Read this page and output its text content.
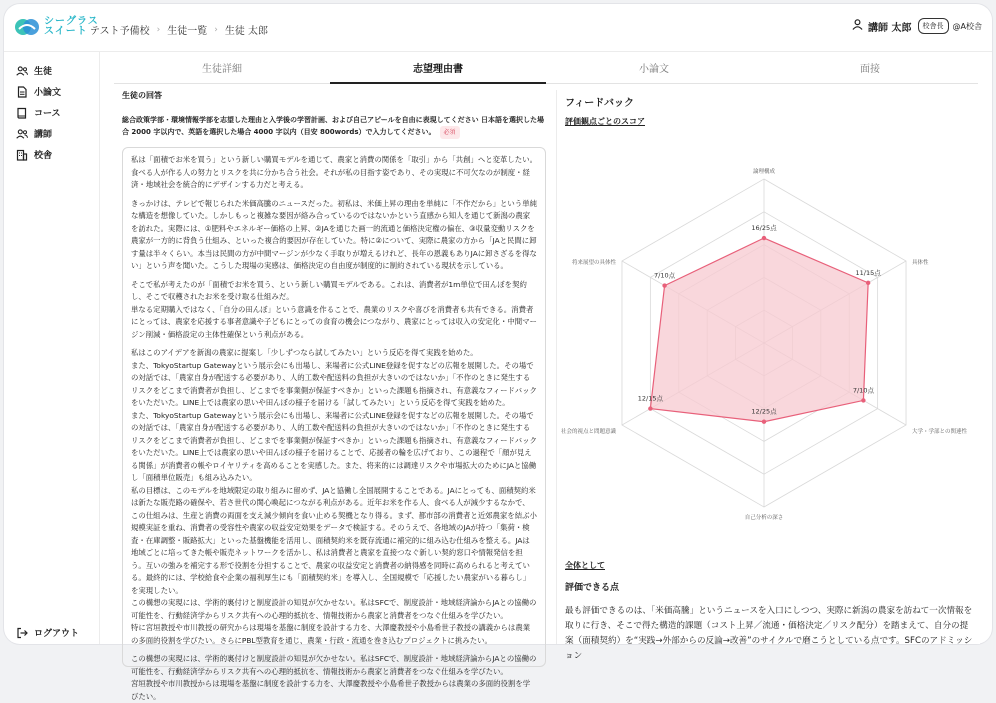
シーグラス
スイート テスト予備校 › 生徒一覧 › 生徒 太郎	講師 太郎	校舎長	@A校舎
生徒
小論文
コース
講師
校舎
ログアウト
生徒詳細	志望理由書	小論文	面接
生徒の回答
総合政策学部・環境情報学部を志望した理由と入学後の学習計画、および自己アピールを自由に表現してください 日本語を選択した場合 2000 字以内で、英語を選択した場合 4000 字以内（目安 800words）で入力してください。 必須

私は「面積でお米を買う」という新しい購買モデルを通じて、農家と消費の関係を「取引」から「共創」へと変革したい。食べる人が作る人の努力とリスクを共に分かち合う社会。それが私の目指す姿であり、その実現に不可欠なのが制度・経済・地域社会を統合的にデザインする力だと考える。

きっかけは、テレビで報じられた米価高騰のニュースだった。初私は、米価上昇の理由を単純に「不作だから」という単純な構造を想像していた。しかしもっと複雑な要因が絡み合っているのではないかという直感から知人を通じて新潟の農家を訪れた。実際には、①肥料やエネルギー価格の上昇、②JAを通じた画一的流通と価格決定権の偏在、③収量変動リスクを農家が一方的に背負う仕組み、といった複合的要因が存在していた。特に②について、実際に農家の方から「JAと民間に卸す量は半々くらい。本当は民間の方が中間マージンが少なく手取りが増えるけれど、長年の恩義もありJAに卸さざるを得ない」という声を聞いた。こうした現場の実感は、価格決定の自由度が制度的に制約されている現状を示している。

そこで私が考えたのが「面積でお米を買う、という新しい購買モデルである。これは、消費者が1m単位で田んぼを契約し、そこで収穫されたお米を受け取る仕組みだ。
単なる定期購入ではなく、「自分の田んぼ」という意識を作ることで、農業のリスクや喜びを消費者も共有できる。消費者にとっては、農家を応援する事者意識や子どもにとっての食育の機会につながり、農家にとっては収入の安定化・中間マージン削減・価格設定の主体性確保という利点がある。

私はこのアイデアを新潟の農家に提案し「少しずつなら試してみたい」という反応を得て実践を始めた。
また、TokyoStartup Gatewayという展示会にも出場し、来場者に公式LINE登録を促すなどの広報を展開した。その場での対話では、「農家自身が配送する必要があり、人的工数や配送料の負担が大きいのではないか」「不作のときに発生するリスクをどこまで消費者が負担し、どこまでを事業側が保証すべきか」といった課題も指摘され、有意義なフィードバックをいただいた。LINE上では農家の思いや田んぼの様子を届ける「試してみたい」という反応を得て実践を始めた。
また、TokyoStartup Gatewayという展示会にも出場し、来場者に公式LINE登録を促すなどの広報を展開した。その場での対話では、「農家自身が配送する必要があり、人的工数や配送料の負担が大きいのではないか」「不作のときに発生するリスクをどこまで消費者が負担し、どこまでを事業側が保証すべきか」といった課題も指摘され、有意義なフィードバックをいただいた。LINE上では農家の思いや田んぼの様子を届けることで、応援者の輪を広げており、この過程で「顔が見える関係」が消費者の帳やロイヤリティを高めることを実感した。また、将来的には調達リスクや市場拡大のためにJAと協働し「面積単位販売」も組み込みたい。
私の目標は、このモデルを地域限定の取り組みに留めず、JAと協働し全国展開することである。JAにとっても、面積契約米は新たな販売路の確保や、若さ世代の関心喚起につながる利点がある。近年お米を作る人、食べる人が減少するなかで、この仕組みは、生産と消費の両面を支え減少傾向を食い止める契機となり得る。まず、都市部の消費者と近郊農家を結ぶ小規模実証を重ね、消費者の受容性や農家の収益安定効果をデータで検証する。そのうえで、各地域のJAが持つ「集荷・検査・在庫調整・販路拡大」といった基盤機能を活用し、面積契約米を既存流通に補完的に組み込む仕組みを整える。JAは地域ごとに培ってきた帳や販売ネットワークを活かし、私は消費者と農家を直接つなぐ新しい契約窓口や情報発信を担う。互いの強みを補完する形で役割を分担することで、農家の収益安定と消費者の納得感を同時に高められると考えている。最終的には、学校給食や企業の福利厚生にも「面積契約米」を導入し、全国規模で「応援したい農家がいる暮らし」を実現したい。
この構想の実現には、学術的裏付けと制度設計の知見が欠かせない。私はSFCで、制度設計・地域経済論からJAとの協働の可能性を、行動経済学からリスク共有への心理的抵抗を、情報技術から農家と消費者をつなぐ仕組みを学びたい。
特に宮垣教授や市川教授の研究からは現場を基盤に制度を設計する力を、大澤慶教授や小島希世子教授の講義からは農業の多面的役割を学びたい。さらにPBL型教育を通じ、農業・行政・流通を巻き込むプロジェクトに挑みたい。

この構想の実現には、学術的裏付けと制度設計の知見が欠かせない。私はSFCで、制度設計・地域経済論からJAとの協働の可能性を、行動経済学からリスク共有への心理的抵抗を、情報技術から農家と消費者をつなぐ仕組みを学びたい。
宮垣教授や市川教授からは現場を基盤に制度を設計する力を、大澤慶教授や小島希世子教授からは農業の多面的役割を学びたい。

フィードバック
評価観点ごとのスコア
16/25点
11/15点
7/10点
12/25点
12/15点
7/10点
論理構成
具体性
大学・学部との関連性
自己分析の深さ
社会的視点と問題意識
将来展望の具体性
全体として
評価できる点
最も評価できるのは、「米価高騰」というニュースを入口にしつつ、実際に新潟の農家を訪ねて一次情報を取りに行き、そこで得た構造的課題（コスト上昇／流通・価格決定／リスク配分）を踏まえて、自分の提案（面積契約）を“実践→外部からの反論→改善”のサイクルで磨こうとしている点です。SFCのアドミッション
